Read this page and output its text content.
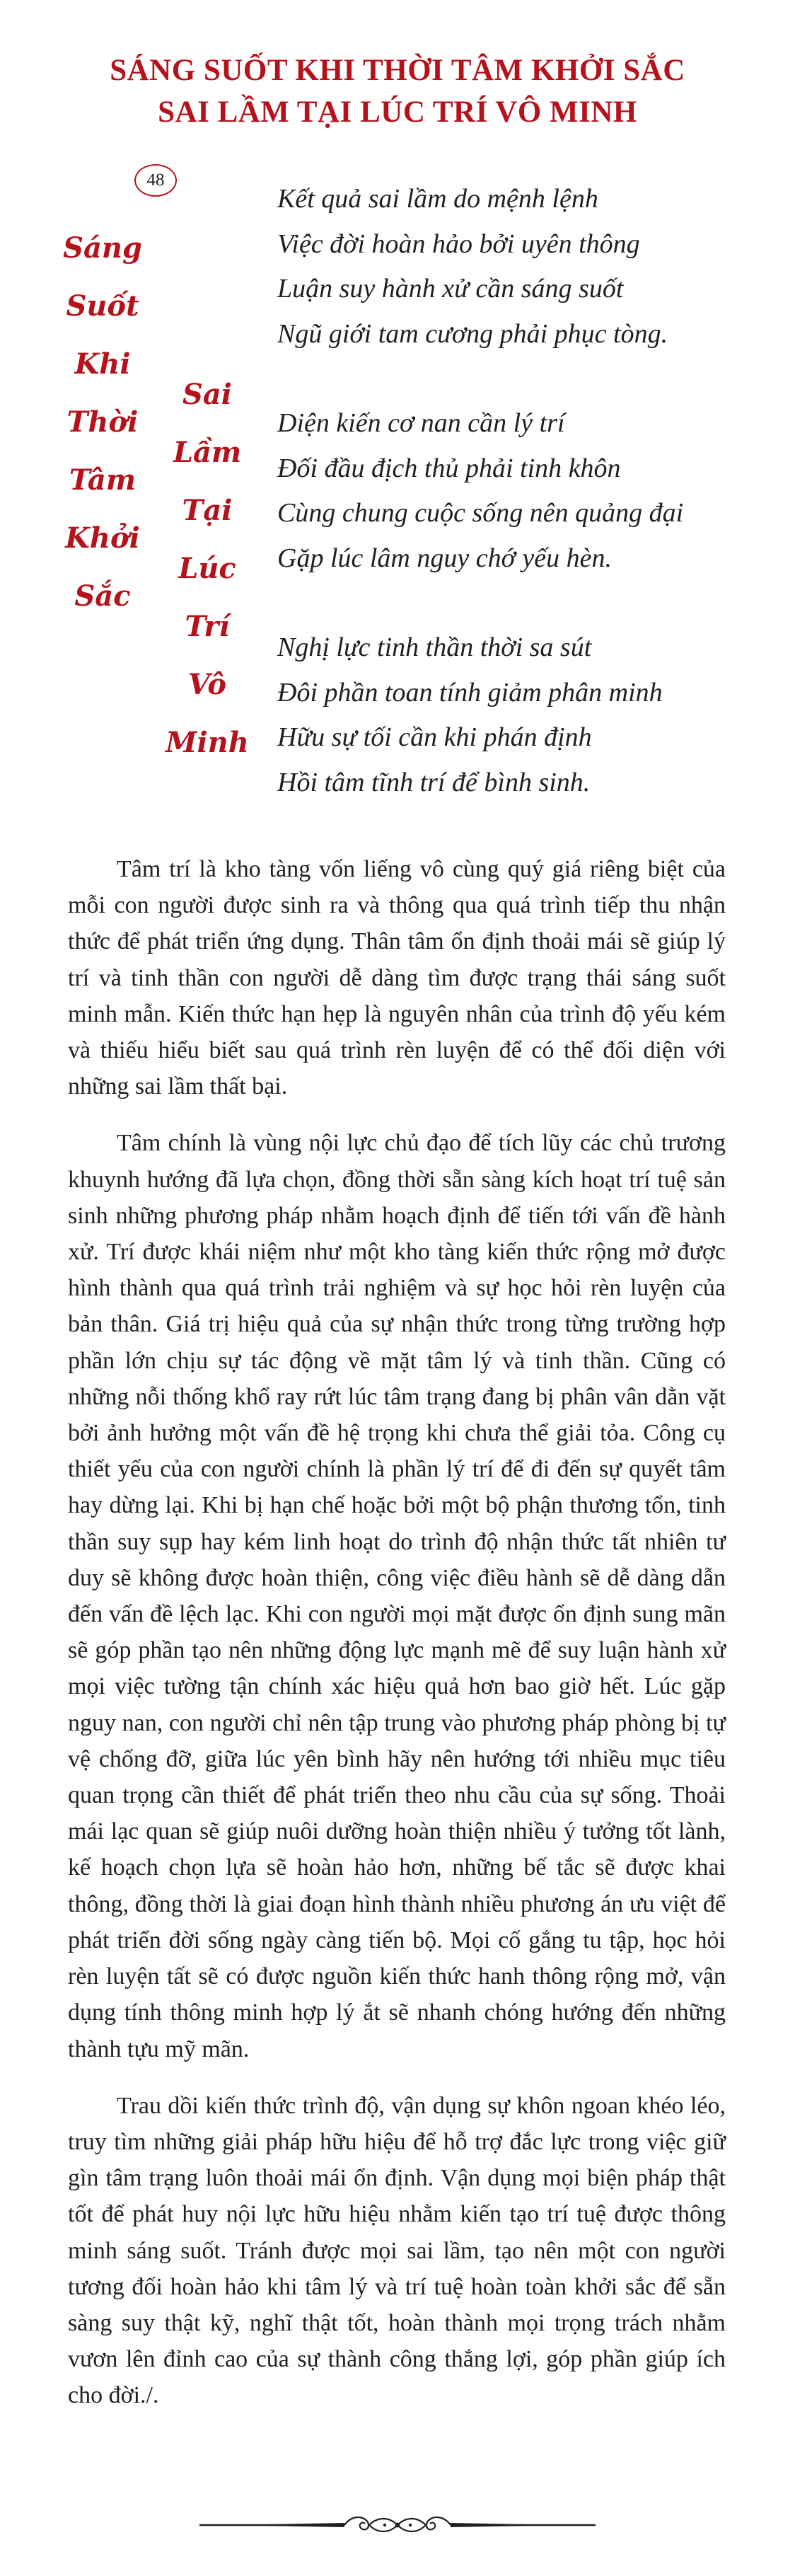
SÁNG SUỐT KHI THỜI TÂM KHỞI SẮC
SAI LẦM TẠI LÚC TRÍ VÔ MINH
48
Sáng
Suốt
Khi
Thời
Tâm
Khởi
Sắc
Sai
Lầm
Tại
Lúc
Trí
Vô
Minh
Kết quả sai lầm do mệnh lệnh
Việc đời hoàn hảo bởi uyên thông
Luận suy hành xử cần sáng suốt
Ngũ giới tam cương phải phục tòng.
Diện kiến cơ nan cần lý trí
Đối đầu địch thủ phải tinh khôn
Cùng chung cuộc sống nên quảng đại
Gặp lúc lâm nguy chớ yếu hèn.
Nghị lực tinh thần thời sa sút
Đôi phần toan tính giảm phân minh
Hữu sự tối cần khi phán định
Hồi tâm tĩnh trí để bình sinh.

Tâm trí là kho tàng vốn liếng vô cùng quý giá riêng biệt của mỗi con người được sinh ra và thông qua quá trình tiếp thu nhận thức để phát triển ứng dụng. Thân tâm ổn định thoải mái sẽ giúp lý trí và tinh thần con người dễ dàng tìm được trạng thái sáng suốt minh mẫn. Kiến thức hạn hẹp là nguyên nhân của trình độ yếu kém và thiếu hiểu biết sau quá trình rèn luyện để có thể đối diện với những sai lầm thất bại.

Tâm chính là vùng nội lực chủ đạo để tích lũy các chủ trương khuynh hướng đã lựa chọn, đồng thời sẵn sàng kích hoạt trí tuệ sản sinh những phương pháp nhằm hoạch định để tiến tới vấn đề hành xử. Trí được khái niệm như một kho tàng kiến thức rộng mở được hình thành qua quá trình trải nghiệm và sự học hỏi rèn luyện của bản thân. Giá trị hiệu quả của sự nhận thức trong từng trường hợp phần lớn chịu sự tác động về mặt tâm lý và tinh thần. Cũng có những nỗi thống khổ ray rứt lúc tâm trạng đang bị phân vân dằn vặt bởi ảnh hưởng một vấn đề hệ trọng khi chưa thể giải tỏa. Công cụ thiết yếu của con người chính là phần lý trí để đi đến sự quyết tâm hay dừng lại. Khi bị hạn chế hoặc bởi một bộ phận thương tổn, tinh thần suy sụp hay kém linh hoạt do trình độ nhận thức tất nhiên tư duy sẽ không được hoàn thiện, công việc điều hành sẽ dễ dàng dẫn đến vấn đề lệch lạc. Khi con người mọi mặt được ổn định sung mãn sẽ góp phần tạo nên những động lực mạnh mẽ để suy luận hành xử mọi việc tường tận chính xác hiệu quả hơn bao giờ hết. Lúc gặp nguy nan, con người chỉ nên tập trung vào phương pháp phòng bị tự vệ chống đỡ, giữa lúc yên bình hãy nên hướng tới nhiều mục tiêu quan trọng cần thiết để phát triển theo nhu cầu của sự sống. Thoải mái lạc quan sẽ giúp nuôi dưỡng hoàn thiện nhiều ý tưởng tốt lành, kế hoạch chọn lựa sẽ hoàn hảo hơn, những bế tắc sẽ được khai thông, đồng thời là giai đoạn hình thành nhiều phương án ưu việt để phát triển đời sống ngày càng tiến bộ. Mọi cố gắng tu tập, học hỏi rèn luyện tất sẽ có được nguồn kiến thức hanh thông rộng mở, vận dụng tính thông minh hợp lý ắt sẽ nhanh chóng hướng đến những thành tựu mỹ mãn.

Trau dồi kiến thức trình độ, vận dụng sự khôn ngoan khéo léo, truy tìm những giải pháp hữu hiệu để hỗ trợ đắc lực trong việc giữ gìn tâm trạng luôn thoải mái ổn định. Vận dụng mọi biện pháp thật tốt để phát huy nội lực hữu hiệu nhằm kiến tạo trí tuệ được thông minh sáng suốt. Tránh được mọi sai lầm, tạo nên một con người tương đối hoàn hảo khi tâm lý và trí tuệ hoàn toàn khởi sắc để sẵn sàng suy thật kỹ, nghĩ thật tốt, hoàn thành mọi trọng trách nhằm vươn lên đỉnh cao của sự thành công thắng lợi, góp phần giúp ích cho đời./.
